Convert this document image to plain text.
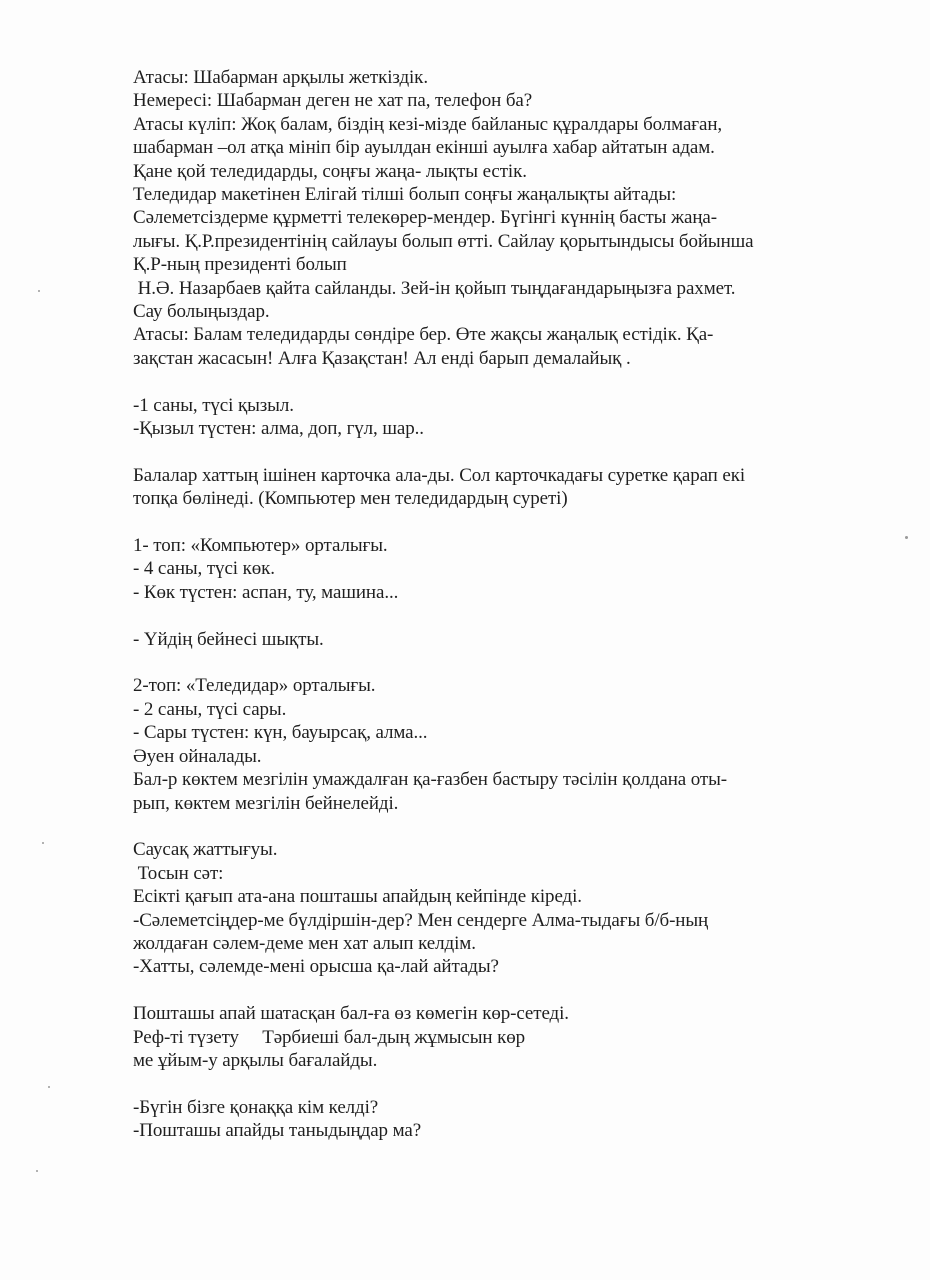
Атасы: Шабарман арқылы жеткіздік.
Немересі: Шабарман деген не хат па, телефон ба?
Атасы күліп: Жоқ балам, біздің кезі-мізде байланыс құралдары болмаған,
шабарман –ол атқа мініп бір ауылдан екінші ауылға хабар айтатын адам.
Қане қой теледидарды, соңғы жаңа- лықты естік.
Теледидар макетінен Елігай тілші болып соңғы жаңалықты айтады:
Сәлеметсіздерме құрметті телекөрер-мендер. Бүгінгі күннің басты жаңа-
лығы. Қ.Р.президентінің сайлауы болып өтті. Сайлау қорытындысы бойынша
Қ.Р-ның президенті болып
Н.Ә. Назарбаев қайта сайланды. Зей-ін қойып тыңдағандарыңызға рахмет.
Сау болыңыздар.
Атасы: Балам теледидарды сөндіре бер. Өте жақсы жаңалық естідік. Қа-
зақстан жасасын! Алға Қазақстан! Ал енді барып демалайық .
-1 саны, түсі қызыл.
-Қызыл түстен: алма, доп, гүл, шар..
Балалар хаттың ішінен карточка ала-ды. Сол карточкадағы суретке қарап екі
топқа бөлінеді. (Компьютер мен теледидардың суреті)
1- топ: «Компьютер» орталығы.
- 4 саны, түсі көк.
- Көк түстен: аспан, ту, машина...
- Үйдің бейнесі шықты.
2-топ: «Теледидар» орталығы.
- 2 саны, түсі сары.
- Сары түстен: күн, бауырсақ, алма...
Әуен ойналады.
Бал-р көктем мезгілін умаждалған қа-ғазбен бастыру тәсілін қолдана оты-
рып, көктем мезгілін бейнелейді.
Саусақ жаттығуы.
Тосын сәт:
Есікті қағып ата-ана пошташы апайдың кейпінде кіреді.
-Сәлеметсіңдер-ме бүлдіршін-дер? Мен сендерге Алма-тыдағы б/б-ның
жолдаған сәлем-деме мен хат алып келдім.
-Хатты, сәлемде-мені орысша қа-лай айтады?
Пошташы апай шатасқан бал-ға өз көмегін көр-сетеді.
Реф-ті түзету     Тәрбиеші бал-дың жұмысын көр
ме ұйым-у арқылы бағалайды.
-Бүгін бізге қонаққа кім келді?
-Пошташы апайды таныдыңдар ма?
